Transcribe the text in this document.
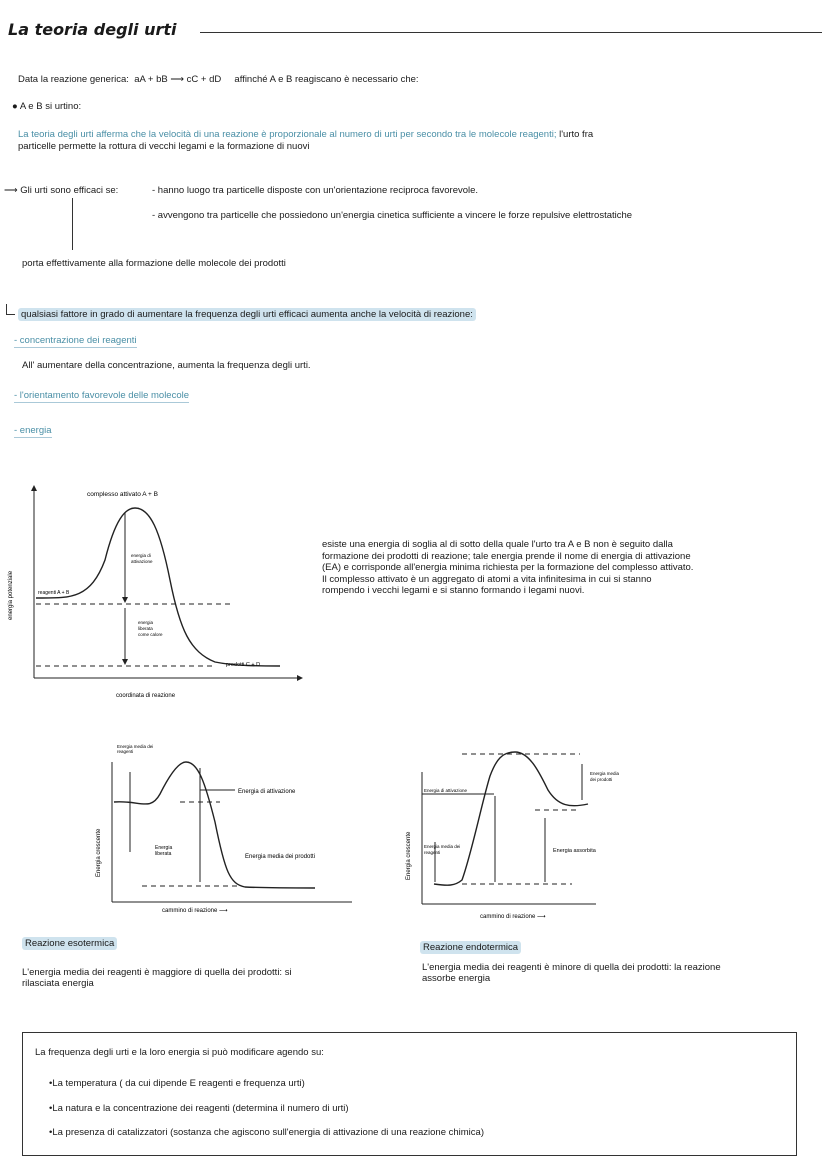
La teoria degli urti
Data la reazione generica: aA + bB ⟶ cC + dD affinché A e B reagiscano è necessario che:
● A e B si urtino:
La teoria degli urti afferma che la velocità di una reazione è proporzionale al numero di urti per secondo tra le molecole reagenti; l'urto fra
particelle permette la rottura di vecchi legami e la formazione di nuovi
⟶ Gli urti sono efficaci se:	- hanno luogo tra particelle disposte con un'orientazione reciproca favorevole.
- avvengono tra particelle che possiedono un'energia cinetica sufficiente a vincere le forze repulsive elettrostatiche
porta effettivamente alla formazione delle molecole dei prodotti
qualsiasi fattore in grado di aumentare la frequenza degli urti efficaci aumenta anche la velocità di reazione:
- concentrazione dei reagenti
All' aumentare della concentrazione, aumenta la frequenza degli urti.
- l'orientamento favorevole delle molecole
- energia
complesso attivato A + B
energia potenziale	reagenti A + B
energia di
attivazione
energia
liberata
come calore
prodotti C + D
coordinata di reazione
esiste una energia di soglia al di sotto della quale l'urto tra A e B non è seguito dalla
formazione dei prodotti di reazione; tale energia prende il nome di energia di attivazione
(EA) e corrisponde all'energia minima richiesta per la formazione del complesso attivato.
Il complesso attivato è un aggregato di atomi a vita infinitesima in cui si stanno
rompendo i vecchi legami e si stanno formando i legami nuovi.
Energia media dei
reagenti
Energia crescente
Energia di attivazione
Energia
liberata	Energia media dei prodotti
cammino di reazione ⟶
Energia crescente
Energia di attivazione
Energia media dei
reagenti
Energia media
dei prodotti
Energia assorbita
cammino di reazione ⟶
Reazione esotermica
L'energia media dei reagenti è maggiore di quella dei prodotti: si
rilasciata energia
Reazione endotermica
L'energia media dei reagenti è minore di quella dei prodotti: la reazione
assorbe energia
La frequenza degli urti e la loro energia si può modificare agendo su:
•La temperatura ( da cui dipende E reagenti e frequenza urti)
•La natura e la concentrazione dei reagenti (determina il numero di urti)
•La presenza di catalizzatori (sostanza che agiscono sull'energia di attivazione di una reazione chimica)
